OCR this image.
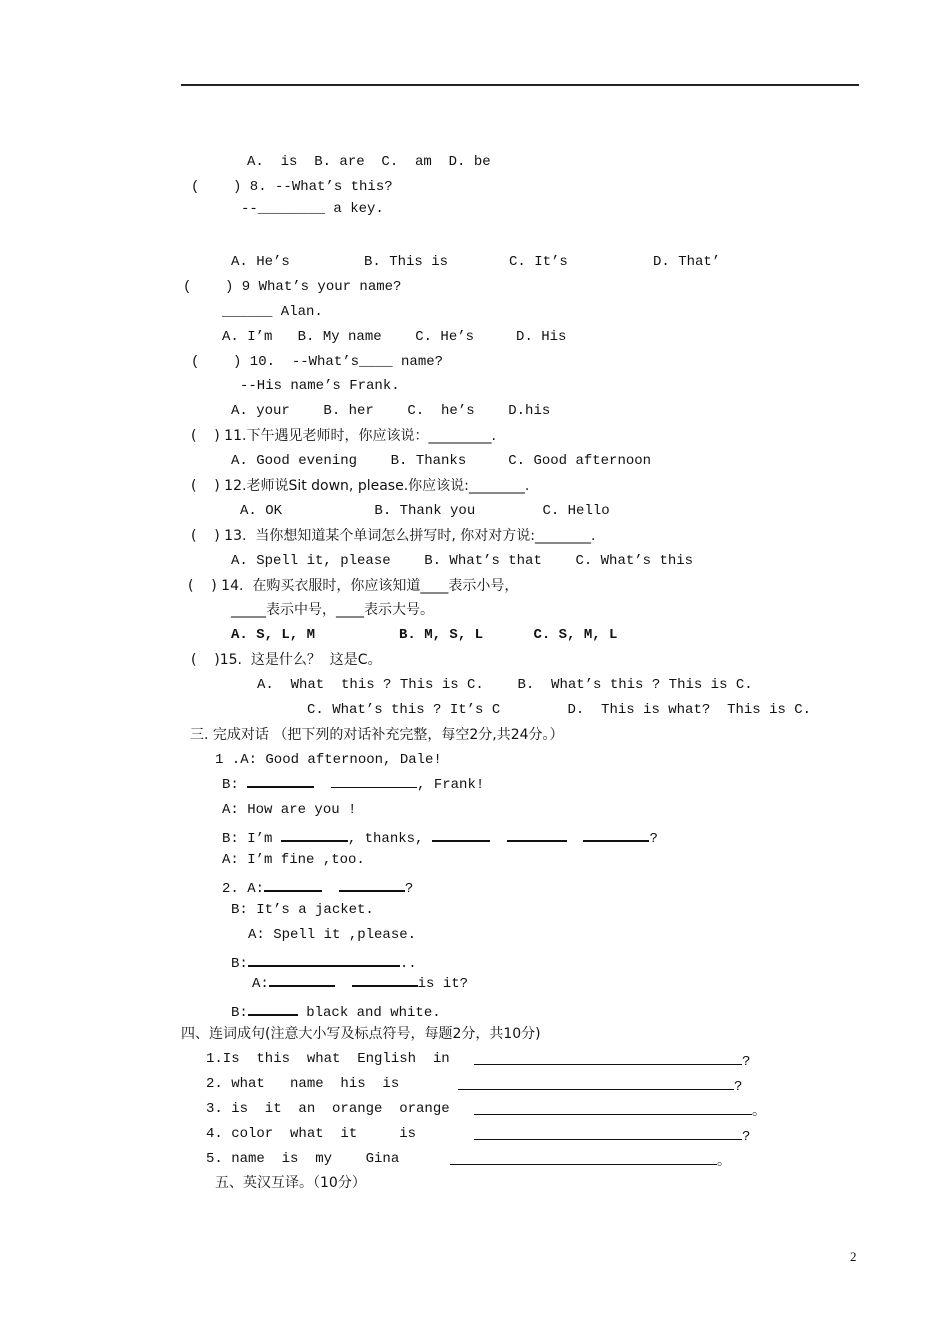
A.  is  B. are  C.  am  D. be
(    ) 8. --What’s this?
--________ a key.
A. He’s	B. This is	C. It’s	D. That’
(    ) 9 What’s your name?
______ Alan.
A. I’m   B. My name    C. He’s     D. His
(    ) 10.  --What’s____ name?
--His name’s Frank.
A. your    B. her    C.  he’s    D.his
(    ) 11.下午遇见老师时，你应该说：_________.
A. Good evening    B. Thanks     C. Good afternoon
(    ) 12.老师说Sit down, please.你应该说:________.
A. OK           B. Thank you        C. Hello
(    ) 13.  当你想知道某个单词怎么拼写时, 你对对方说:________.
A. Spell it, please    B. What’s that    C. What’s this
(    ) 14.  在购买衣服时，你应该知道____表示小号，
_____表示中号，____表示大号。
A. S, L, M          B. M, S, L      C. S, M, L
(    )15.  这是什么？  这是C。
A.  What  this ? This is C.    B.  What’s this ? This is C.
C. What’s this ? It’s C        D.  This is what?  This is C.
三. 完成对话 （把下列的对话补充完整，每空2分,共24分。）
1 .A: Good afternoon, Dale!
B:	, Frank!
A: How are you !
B: I’m	, thanks,	?
A: I’m fine ,too.
2. A:	?
B: It’s a jacket.
A: Spell it ,please.
B:	..
A:	is it?
B:	black and white.
四、连词成句(注意大小写及标点符号，每题2分，共10分)
1.Is  this  what  English  in	?
2. what   name  his  is	?
3. is  it  an  orange  orange	。
4. color  what  it     is	?
5. name  is  my    Gina	。
五、英汉互译。（10分）
2
